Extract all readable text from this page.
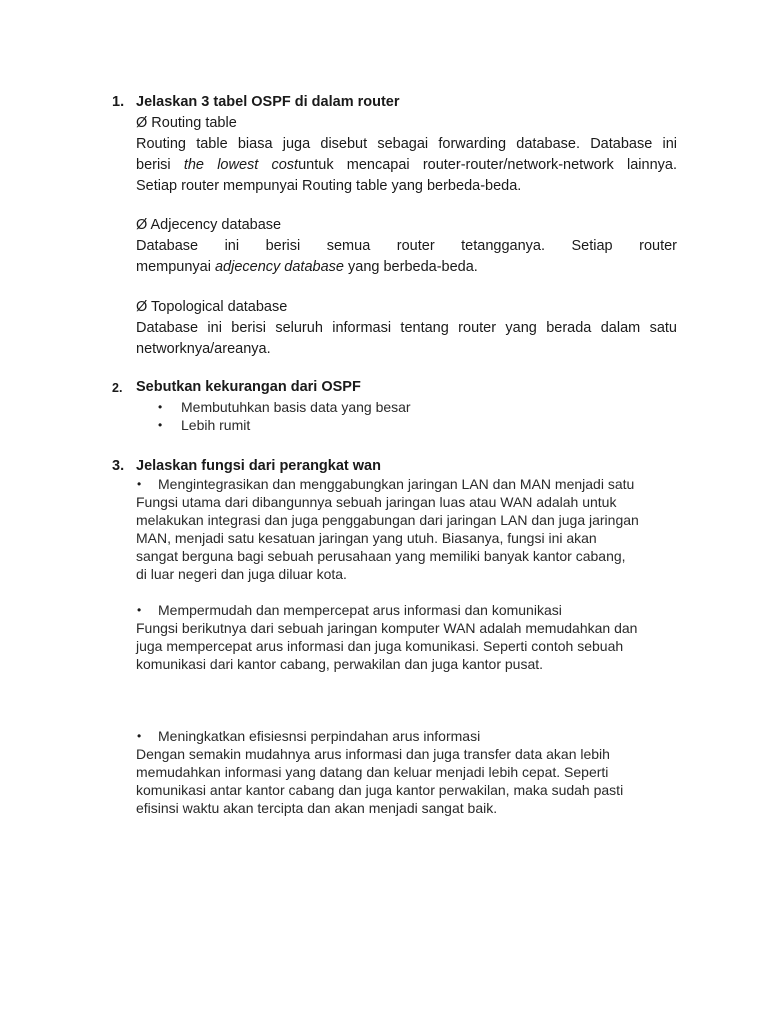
1. Jelaskan 3 tabel OSPF di dalam router
Ø Routing table
Routing table biasa juga disebut sebagai forwarding database. Database ini
berisi the lowest costuntuk mencapai router-router/network-network lainnya.
Setiap router mempunyai Routing table yang berbeda-beda.
Ø Adjecency database
Database ini berisi semua router tetangganya. Setiap router
mempunyai adjecency database yang berbeda-beda.
Ø Topological database
Database ini berisi seluruh informasi tentang router yang berada dalam satu
networknya/areanya.
2. Sebutkan kekurangan dari OSPF
• Membutuhkan basis data yang besar
• Lebih rumit
3. Jelaskan fungsi dari perangkat wan
• Mengintegrasikan dan menggabungkan jaringan LAN dan MAN menjadi satu
Fungsi utama dari dibangunnya sebuah jaringan luas atau WAN adalah untuk
melakukan integrasi dan juga penggabungan dari jaringan LAN dan juga jaringan
MAN, menjadi satu kesatuan jaringan yang utuh. Biasanya, fungsi ini akan
sangat berguna bagi sebuah perusahaan yang memiliki banyak kantor cabang,
di luar negeri dan juga diluar kota.
• Mempermudah dan mempercepat arus informasi dan komunikasi
Fungsi berikutnya dari sebuah jaringan komputer WAN adalah memudahkan dan
juga mempercepat arus informasi dan juga komunikasi. Seperti contoh sebuah
komunikasi dari kantor cabang, perwakilan dan juga kantor pusat.
• Meningkatkan efisiesnsi perpindahan arus informasi
Dengan semakin mudahnya arus informasi dan juga transfer data akan lebih
memudahkan informasi yang datang dan keluar menjadi lebih cepat. Seperti
komunikasi antar kantor cabang dan juga kantor perwakilan, maka sudah pasti
efisinsi waktu akan tercipta dan akan menjadi sangat baik.
